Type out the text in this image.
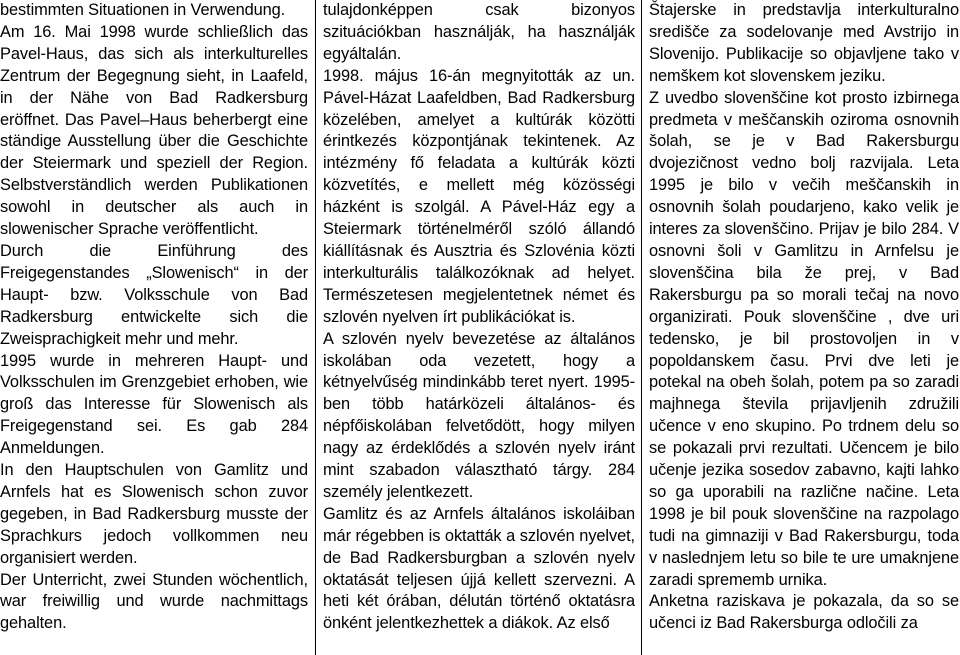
bestimmten Situationen in Verwendung.

Am 16. Mai 1998 wurde schließlich das Pavel-Haus, das sich als interkulturelles Zentrum der Begegnung sieht, in Laafeld, in der Nähe von Bad Radkersburg eröffnet. Das Pavel–Haus beherbergt eine ständige Ausstellung über die Geschichte der Steiermark und speziell der Region. Selbstverständlich werden Publikationen sowohl in deutscher als auch in slowenischer Sprache veröffentlicht.

Durch die Einführung des Freigegenstandes „Slowenisch“ in der Haupt- bzw. Volksschule von Bad Radkersburg entwickelte sich die Zweisprachigkeit mehr und mehr.

1995 wurde in mehreren Haupt- und Volksschulen im Grenzgebiet erhoben, wie groß das Interesse für Slowenisch als Freigegenstand sei. Es gab 284 Anmeldungen.

In den Hauptschulen von Gamlitz und Arnfels hat es Slowenisch schon zuvor gegeben, in Bad Radkersburg musste der Sprachkurs jedoch vollkommen neu organisiert werden.

Der Unterricht, zwei Stunden wöchentlich, war freiwillig und wurde nachmittags gehalten.

tulajdonképpen csak bizonyos szituációkban használják, ha használják egyáltalán.

1998. május 16-án megnyitották az un. Pável-Házat Laafeldben, Bad Radkersburg közelében, amelyet a kultúrák közötti érintkezés központjának tekintenek. Az intézmény fő feladata a kultúrák közti közvetítés, e mellett még közösségi házként is szolgál. A Pável-Ház egy a Steiermark történelméről szóló állandó kiállításnak és Ausztria és Szlovénia közti interkulturális találkozóknak ad helyet. Természetesen megjelentetnek német és szlovén nyelven írt publikációkat is.

A szlovén nyelv bevezetése az általános iskolában oda vezetett, hogy a kétnyelvűség mindinkább teret nyert. 1995-ben több határközeli általános- és népfőiskolában felvetődött, hogy milyen nagy az érdeklődés a szlovén nyelv iránt mint szabadon választható tárgy. 284 személy jelentkezett.

Gamlitz és az Arnfels általános iskoláiban már régebben is oktatták a szlovén nyelvet, de Bad Radkersburgban a szlovén nyelv oktatását teljesen újjá kellett szervezni. A heti két órában, délután történő oktatásra önként jelentkezhettek a diákok. Az első

Štajerske in predstavlja interkulturalno središče za sodelovanje med Avstrijo in Slovenijo. Publikacije so objavljene tako v nemškem kot slovenskem jeziku.

Z uvedbo slovenščine kot prosto izbirnega predmeta v meščanskih oziroma osnovnih šolah, se je v Bad Rakersburgu dvojezičnost vedno bolj razvijala. Leta 1995 je bilo v večih meščanskih in osnovnih šolah poudarjeno, kako velik je interes za slovenščino. Prijav je bilo 284. V osnovni šoli v Gamlitzu in Arnfelsu je slovenščina bila že prej, v Bad Rakersburgu pa so morali tečaj na novo organizirati. Pouk slovenščine , dve uri tedensko, je bil prostovoljen in v popoldanskem času. Prvi dve leti je potekal na obeh šolah, potem pa so zaradi majhnega števila prijavljenih združili učence v eno skupino. Po trdnem delu so se pokazali prvi rezultati. Učencem je bilo učenje jezika sosedov zabavno, kajti lahko so ga uporabili na različne načine. Leta 1998 je bil pouk slovenščine na razpolago tudi na gimnaziji v Bad Rakersburgu, toda v naslednjem letu so bile te ure umaknjene zaradi sprememb urnika.

Anketna raziskava je pokazala, da so se učenci iz Bad Rakersburga odločili za
